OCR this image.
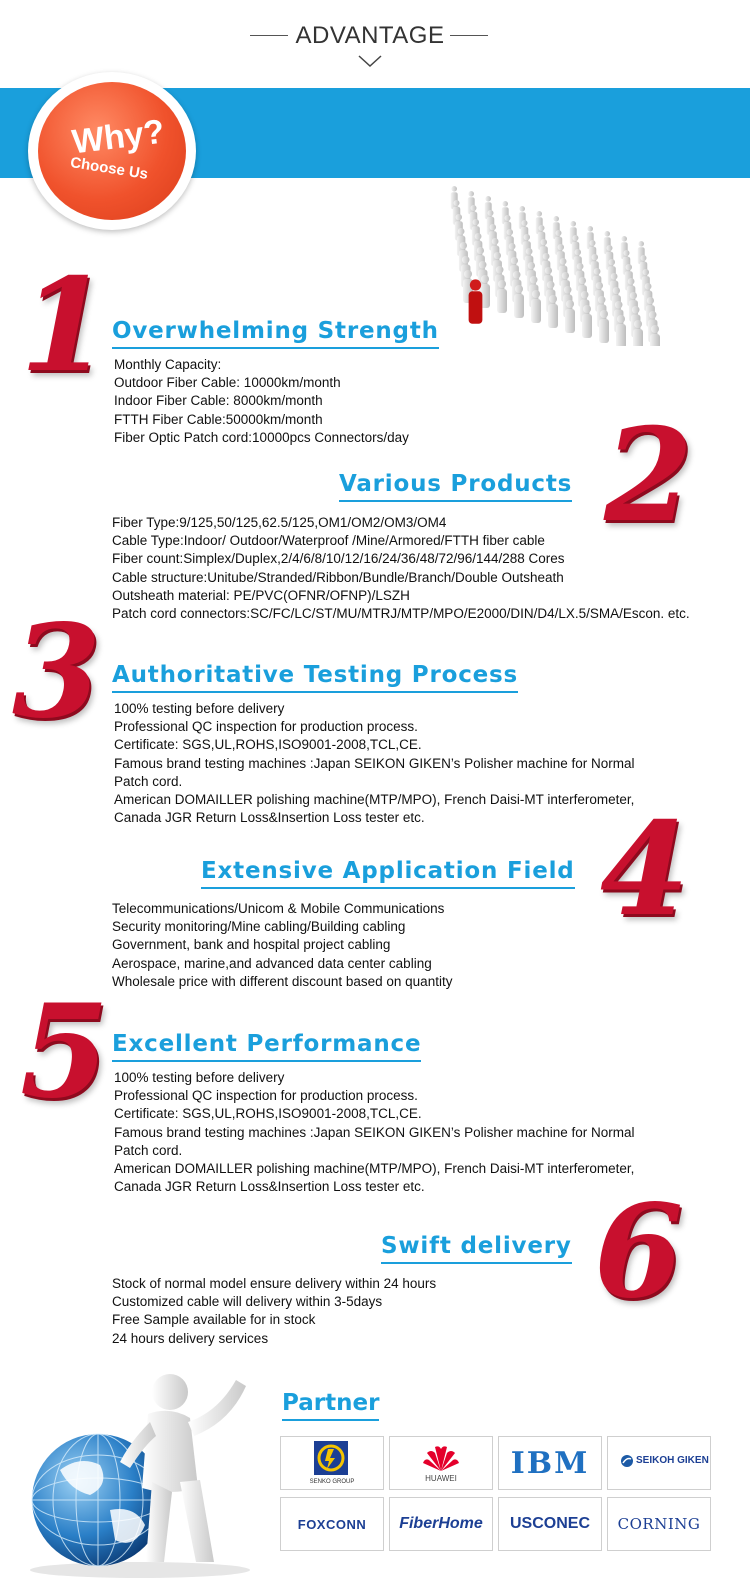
ADVANTAGE
Why?
Choose Us
1 Overwhelming Strength
Monthly Capacity:
Outdoor Fiber Cable: 10000km/month
Indoor Fiber Cable: 8000km/month
FTTH Fiber Cable:50000km/month
Fiber Optic Patch cord:10000pcs Connectors/day 2
Various Products
Fiber Type:9/125,50/125,62.5/125,OM1/OM2/OM3/OM4
Cable Type:Indoor/ Outdoor/Waterproof /Mine/Armored/FTTH fiber cable
Fiber count:Simplex/Duplex,2/4/6/8/10/12/16/24/36/48/72/96/144/288 Cores
Cable structure:Unitube/Stranded/Ribbon/Bundle/Branch/Double Outsheath
Outsheath material: PE/PVC(OFNR/OFNP)/LSZH
Patch cord connectors:SC/FC/LC/ST/MU/MTRJ/MTP/MPO/E2000/DIN/D4/LX.5/SMA/Escon. etc.
3 Authoritative Testing Process
100% testing before delivery
Professional QC inspection for production process.
Certificate: SGS,UL,ROHS,ISO9001-2008,TCL,CE.
Famous brand testing machines :Japan SEIKON GIKEN’s Polisher machine for Normal
Patch cord.
American DOMAILLER polishing machine(MTP/MPO), French Daisi-MT interferometer,
Canada JGR Return Loss&Insertion Loss tester etc.	4
Extensive Application Field
Telecommunications/Unicom & Mobile Communications
Security monitoring/Mine cabling/Building cabling
Government, bank and hospital project cabling
Aerospace, marine,and advanced data center cabling
Wholesale price with different discount based on quantity
5 Excellent Performance
100% testing before delivery
Professional QC inspection for production process.
Certificate: SGS,UL,ROHS,ISO9001-2008,TCL,CE.
Famous brand testing machines :Japan SEIKON GIKEN’s Polisher machine for Normal
Patch cord.
American DOMAILLER polishing machine(MTP/MPO), French Daisi-MT interferometer,
Canada JGR Return Loss&Insertion Loss tester etc.	6
Swift delivery
Stock of normal model ensure delivery within 24 hours
Customized cable will delivery within 3-5days
Free Sample available for in stock
24 hours delivery services
Partner
SENKO GROUP	HUAWEI IBM	SEIKOH GIKEN
FOXCONN FiberHome USCONEC CORNING
